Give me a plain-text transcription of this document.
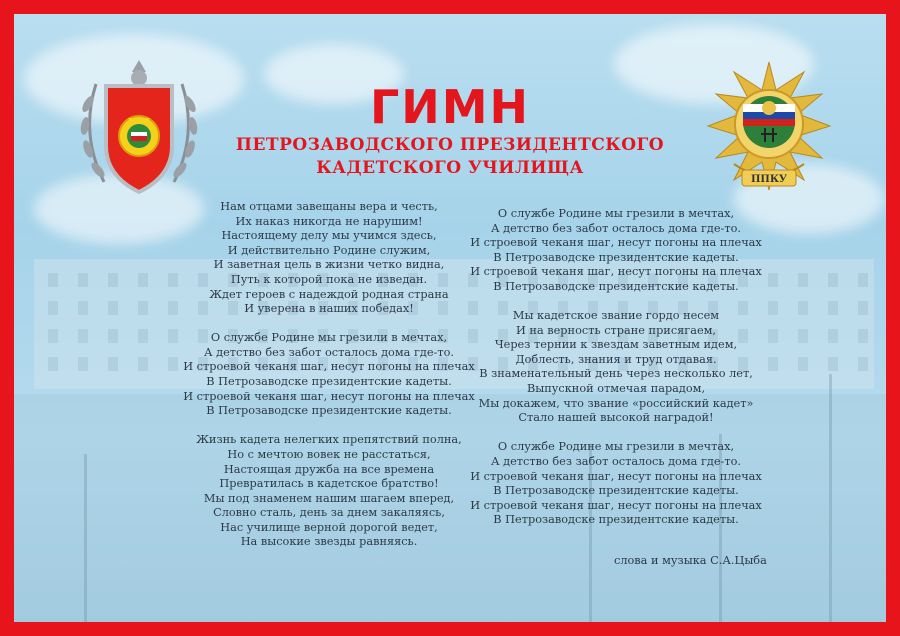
ППКУ
ГИМН
ПЕТРОЗАВОДСКОГО ПРЕЗИДЕНТСКОГО
КАДЕТСКОГО УЧИЛИЩА
Нам отцами завещаны вера и честь,
Их наказ никогда не нарушим!
Настоящему делу мы учимся здесь,
И действительно Родине служим,
И заветная цель в жизни четко видна,
Путь к которой пока не изведан.
Ждет героев с надеждой родная страна
И уверена в наших победах!
О службе Родине мы грезили в мечтах,
А детство без забот осталось дома где-то.
И строевой чеканя шаг, несут погоны на плечах
В Петрозаводске президентские кадеты.
И строевой чеканя шаг, несут погоны на плечах
В Петрозаводске президентские кадеты.
Жизнь кадета нелегких препятствий полна,
Но с мечтою вовек не расстаться,
Настоящая дружба на все времена
Превратилась в кадетское братство!
Мы под знаменем нашим шагаем вперед,
Словно сталь, день за днем закаляясь,
Нас училище верной дорогой ведет,
На высокие звезды равняясь.
О службе Родине мы грезили в мечтах,
А детство без забот осталось дома где-то.
И строевой чеканя шаг, несут погоны на плечах
В Петрозаводске президентские кадеты.
И строевой чеканя шаг, несут погоны на плечах
В Петрозаводске президентские кадеты.
Мы кадетское звание гордо несем
И на верность стране присягаем,
Через тернии к звездам заветным идем,
Доблесть, знания и труд отдавая.
В знаменательный день через несколько лет,
Выпускной отмечая парадом,
Мы докажем, что звание «российский кадет»
Стало нашей высокой наградой!
О службе Родине мы грезили в мечтах,
А детство без забот осталось дома где-то.
И строевой чеканя шаг, несут погоны на плечах
В Петрозаводске президентские кадеты.
И строевой чеканя шаг, несут погоны на плечах
В Петрозаводске президентские кадеты.
слова и музыка С.А.Цыба
